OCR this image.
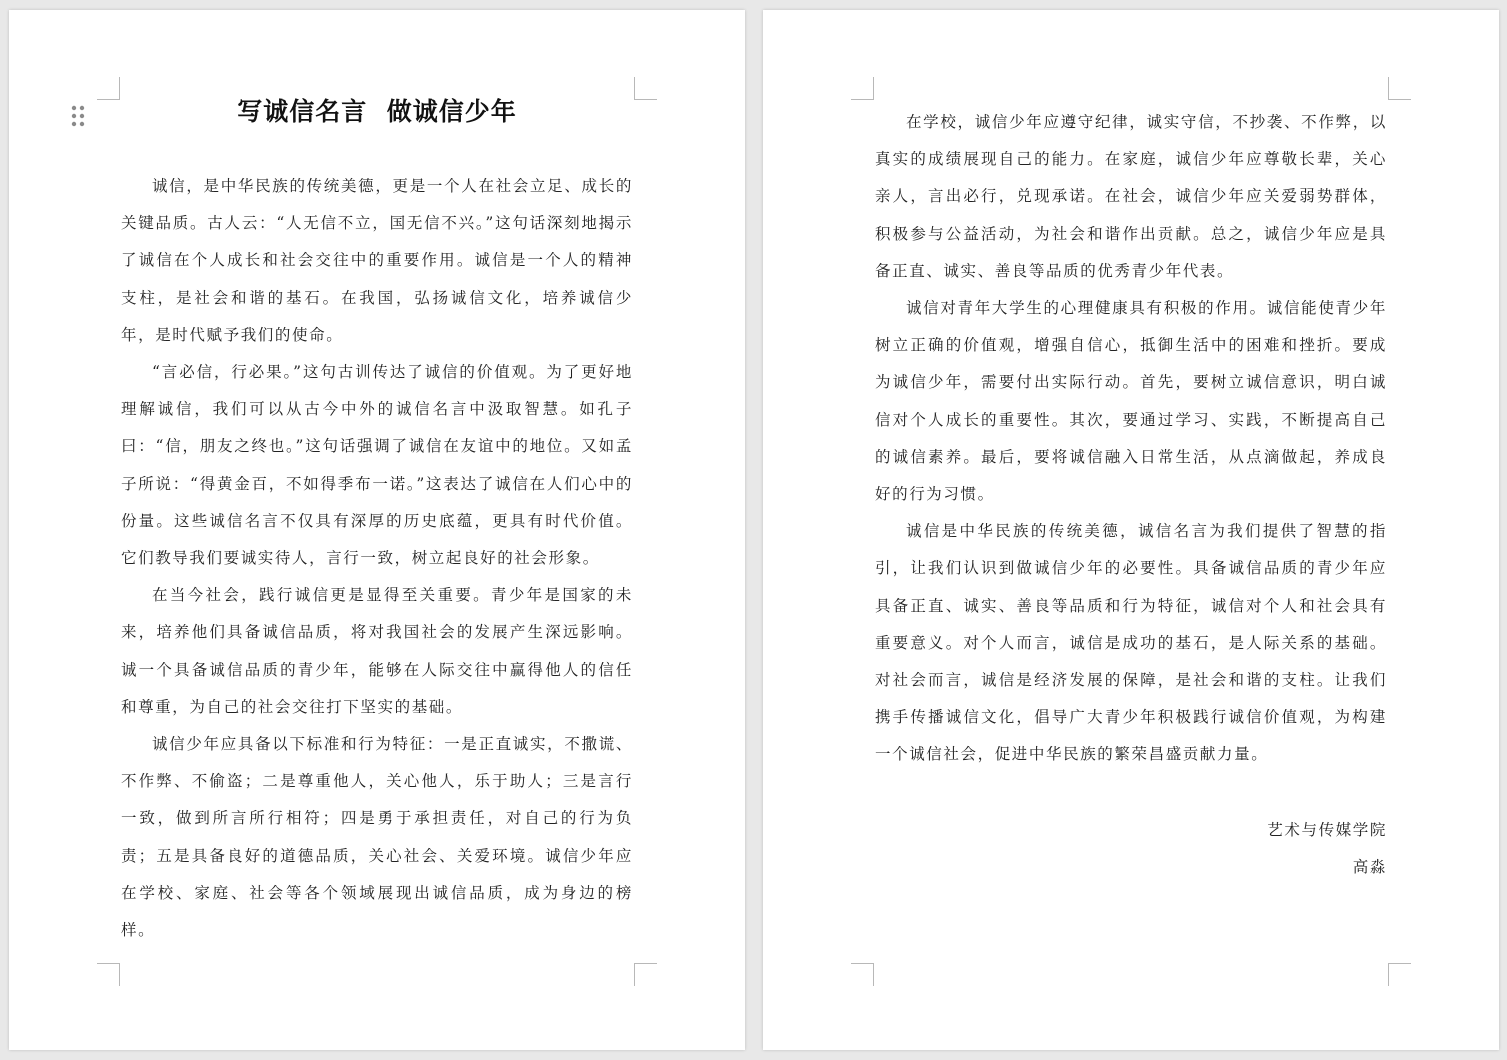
写诚信名言  做诚信少年

诚信，是中华民族的传统美德，更是一个人在社会立足、成长的关键品质。古人云：“人无信不立，国无信不兴。”这句话深刻地揭示了诚信在个人成长和社会交往中的重要作用。诚信是一个人的精神支柱，是社会和谐的基石。在我国，弘扬诚信文化，培养诚信少年，是时代赋予我们的使命。

“言必信，行必果。”这句古训传达了诚信的价值观。为了更好地理解诚信，我们可以从古今中外的诚信名言中汲取智慧。如孔子曰：“信，朋友之终也。”这句话强调了诚信在友谊中的地位。又如孟子所说：“得黄金百，不如得季布一诺。”这表达了诚信在人们心中的份量。这些诚信名言不仅具有深厚的历史底蕴，更具有时代价值。它们教导我们要诚实待人，言行一致，树立起良好的社会形象。

在当今社会，践行诚信更是显得至关重要。青少年是国家的未来，培养他们具备诚信品质，将对我国社会的发展产生深远影响。诚一个具备诚信品质的青少年，能够在人际交往中赢得他人的信任和尊重，为自己的社会交往打下坚实的基础。

诚信少年应具备以下标准和行为特征：一是正直诚实，不撒谎、不作弊、不偷盗；二是尊重他人，关心他人，乐于助人；三是言行一致，做到所言所行相符；四是勇于承担责任，对自己的行为负责；五是具备良好的道德品质，关心社会、关爱环境。诚信少年应在学校、家庭、社会等各个领域展现出诚信品质，成为身边的榜样。

在学校，诚信少年应遵守纪律，诚实守信，不抄袭、不作弊，以真实的成绩展现自己的能力。在家庭，诚信少年应尊敬长辈，关心亲人，言出必行，兑现承诺。在社会，诚信少年应关爱弱势群体，积极参与公益活动，为社会和谐作出贡献。总之，诚信少年应是具备正直、诚实、善良等品质的优秀青少年代表。

诚信对青年大学生的心理健康具有积极的作用。诚信能使青少年树立正确的价值观，增强自信心，抵御生活中的困难和挫折。要成为诚信少年，需要付出实际行动。首先，要树立诚信意识，明白诚信对个人成长的重要性。其次，要通过学习、实践，不断提高自己的诚信素养。最后，要将诚信融入日常生活，从点滴做起，养成良好的行为习惯。

诚信是中华民族的传统美德，诚信名言为我们提供了智慧的指引，让我们认识到做诚信少年的必要性。具备诚信品质的青少年应具备正直、诚实、善良等品质和行为特征，诚信对个人和社会具有重要意义。对个人而言，诚信是成功的基石，是人际关系的基础。对社会而言，诚信是经济发展的保障，是社会和谐的支柱。让我们携手传播诚信文化，倡导广大青少年积极践行诚信价值观，为构建一个诚信社会，促进中华民族的繁荣昌盛贡献力量。

艺术与传媒学院
高淼
